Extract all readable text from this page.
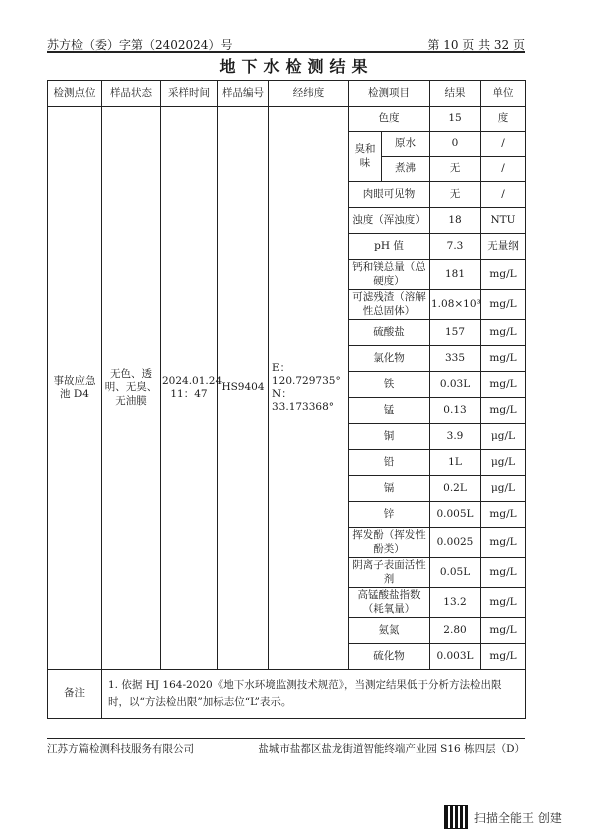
苏方检（委）字第（2402024）号	第 10 页 共 32 页
地下水检测结果
检测点位	样品状态	采样时间	样品编号	经纬度	检测项目		结果	单位
事故应急池 D4	无色、透明、无臭、无油膜	2024.01.24 11：47	HS9404	E：120.729735° N：33.173368°	色度		15	度
					臭和味	原水	0	/
						煮沸	无	/
					肉眼可见物		无	/
					浊度（浑浊度）		18	NTU
					pH 值		7.3	无量纲
					钙和镁总量（总硬度）		181	mg/L
					可滤残渣（溶解性总固体）		1.08×10³	mg/L
					硫酸盐		157	mg/L
					氯化物		335	mg/L
					铁		0.03L	mg/L
					锰		0.13	mg/L
					铜		3.9	μg/L
					铅		1L	μg/L
					镉		0.2L	μg/L
					锌		0.005L	mg/L
					挥发酚（挥发性酚类）		0.0025	mg/L
					阴离子表面活性剂		0.05L	mg/L
					高锰酸盐指数（耗氧量）		13.2	mg/L
					氨氮		2.80	mg/L
					硫化物		0.003L	mg/L
备注	1. 依据 HJ 164-2020《地下水环境监测技术规范》，当测定结果低于分析方法检出限时，以“方法检出限”加标志位“L”表示。							
江苏方篇检测科技服务有限公司	盐城市盐都区盐龙街道智能终端产业园 S16 栋四层（D）
扫描全能王 创建
